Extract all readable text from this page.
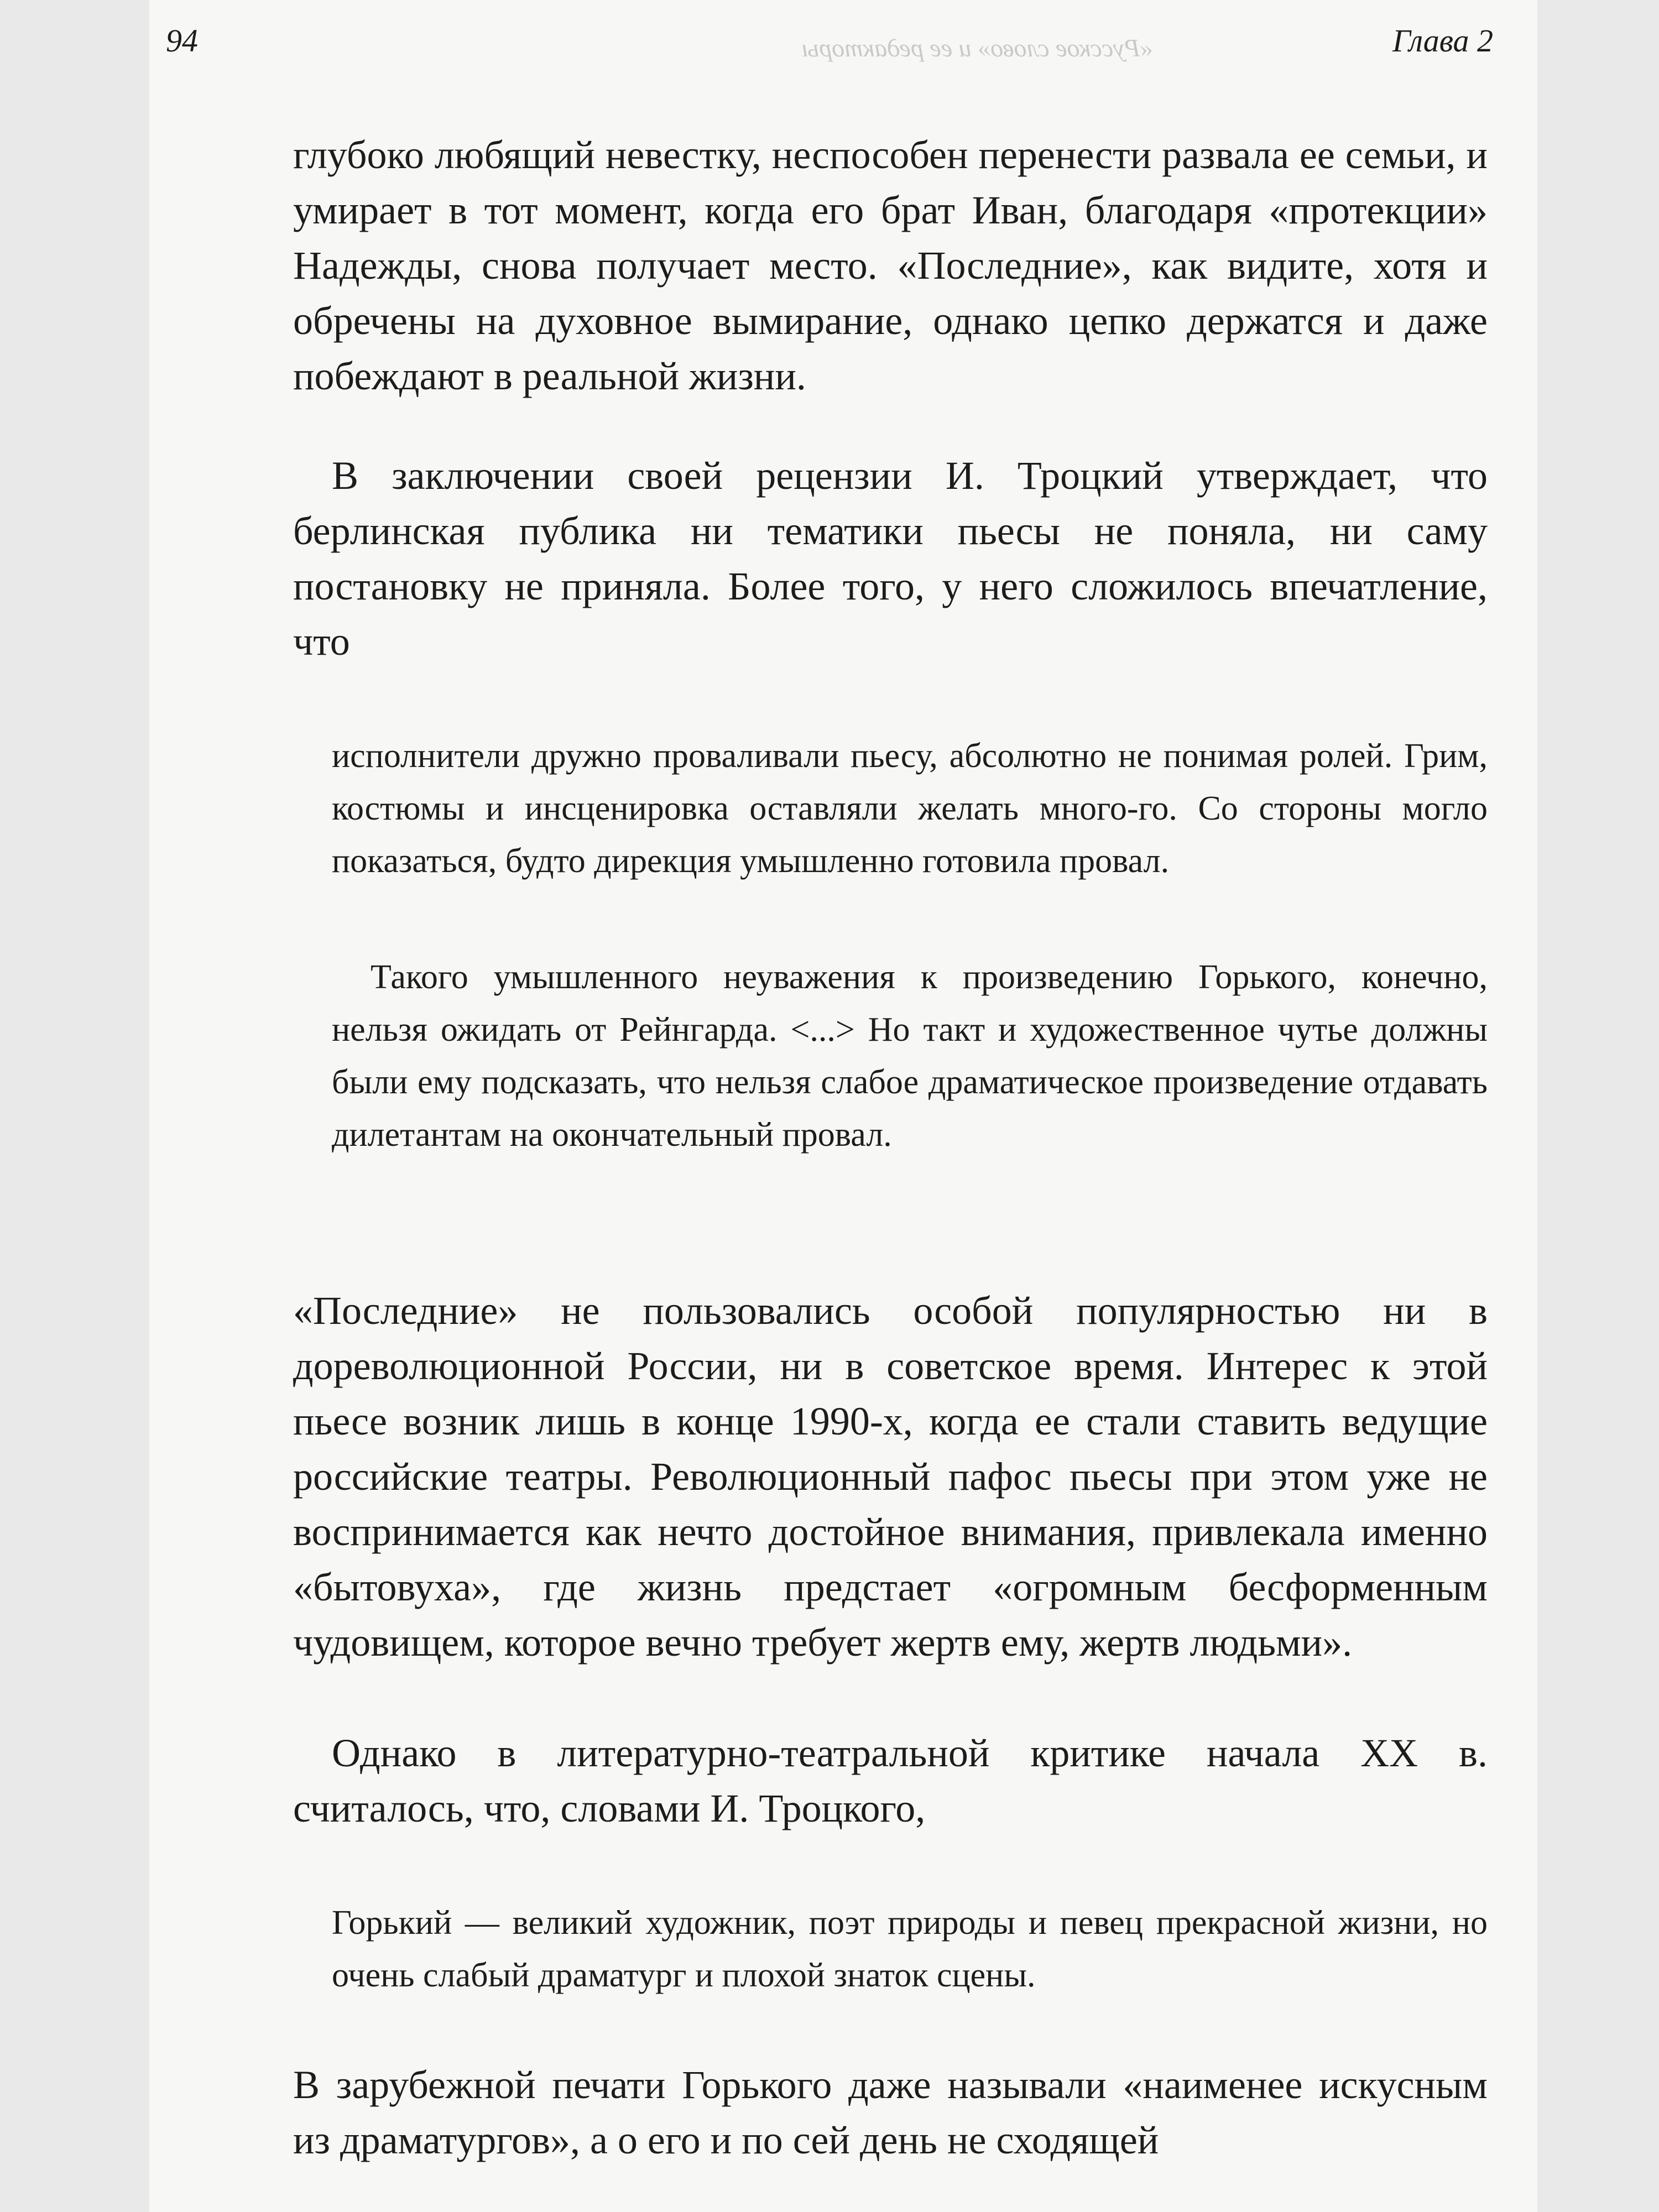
«Русское слово» и ее редакторы
94	Глава 2

глубоко любящий невестку, неспособен перенести развала ее семьи, и умирает в тот момент, когда его брат Иван, благодаря «протекции» Надежды, снова получает место. «Последние», как видите, хотя и обречены на духовное вымирание, однако цепко держатся и даже побеждают в реальной жизни.

В заключении своей рецензии И. Троцкий утверждает, что берлинская публика ни тематики пьесы не поняла, ни саму постановку не приняла. Более того, у него сложилось впечатление, что

исполнители дружно проваливали пьесу, абсолютно не понимая ролей. Грим, костюмы и инсценировка оставляли желать много-го. Со стороны могло показаться, будто дирекция умышленно готовила провал.

Такого умышленного неуважения к произведению Горького, конечно, нельзя ожидать от Рейнгарда. <...> Но такт и художественное чутье должны были ему подсказать, что нельзя слабое драматическое произведение отдавать дилетантам на окончательный провал.

«Последние» не пользовались особой популярностью ни в дореволюционной России, ни в советское время. Интерес к этой пьесе возник лишь в конце 1990-х, когда ее стали ставить ведущие российские театры. Революционный пафос пьесы при этом уже не воспринимается как нечто достойное внимания, привлекала именно «бытовуха», где жизнь предстает «огромным бесформенным чудовищем, которое вечно требует жертв ему, жертв людьми».

Однако в литературно-театральной критике начала XX в. считалось, что, словами И. Троцкого,

Горький — великий художник, поэт природы и певец прекрасной жизни, но очень слабый драматург и плохой знаток сцены.

В зарубежной печати Горького даже называли «наименее искусным из драматургов», а о его и по сей день не сходящей
